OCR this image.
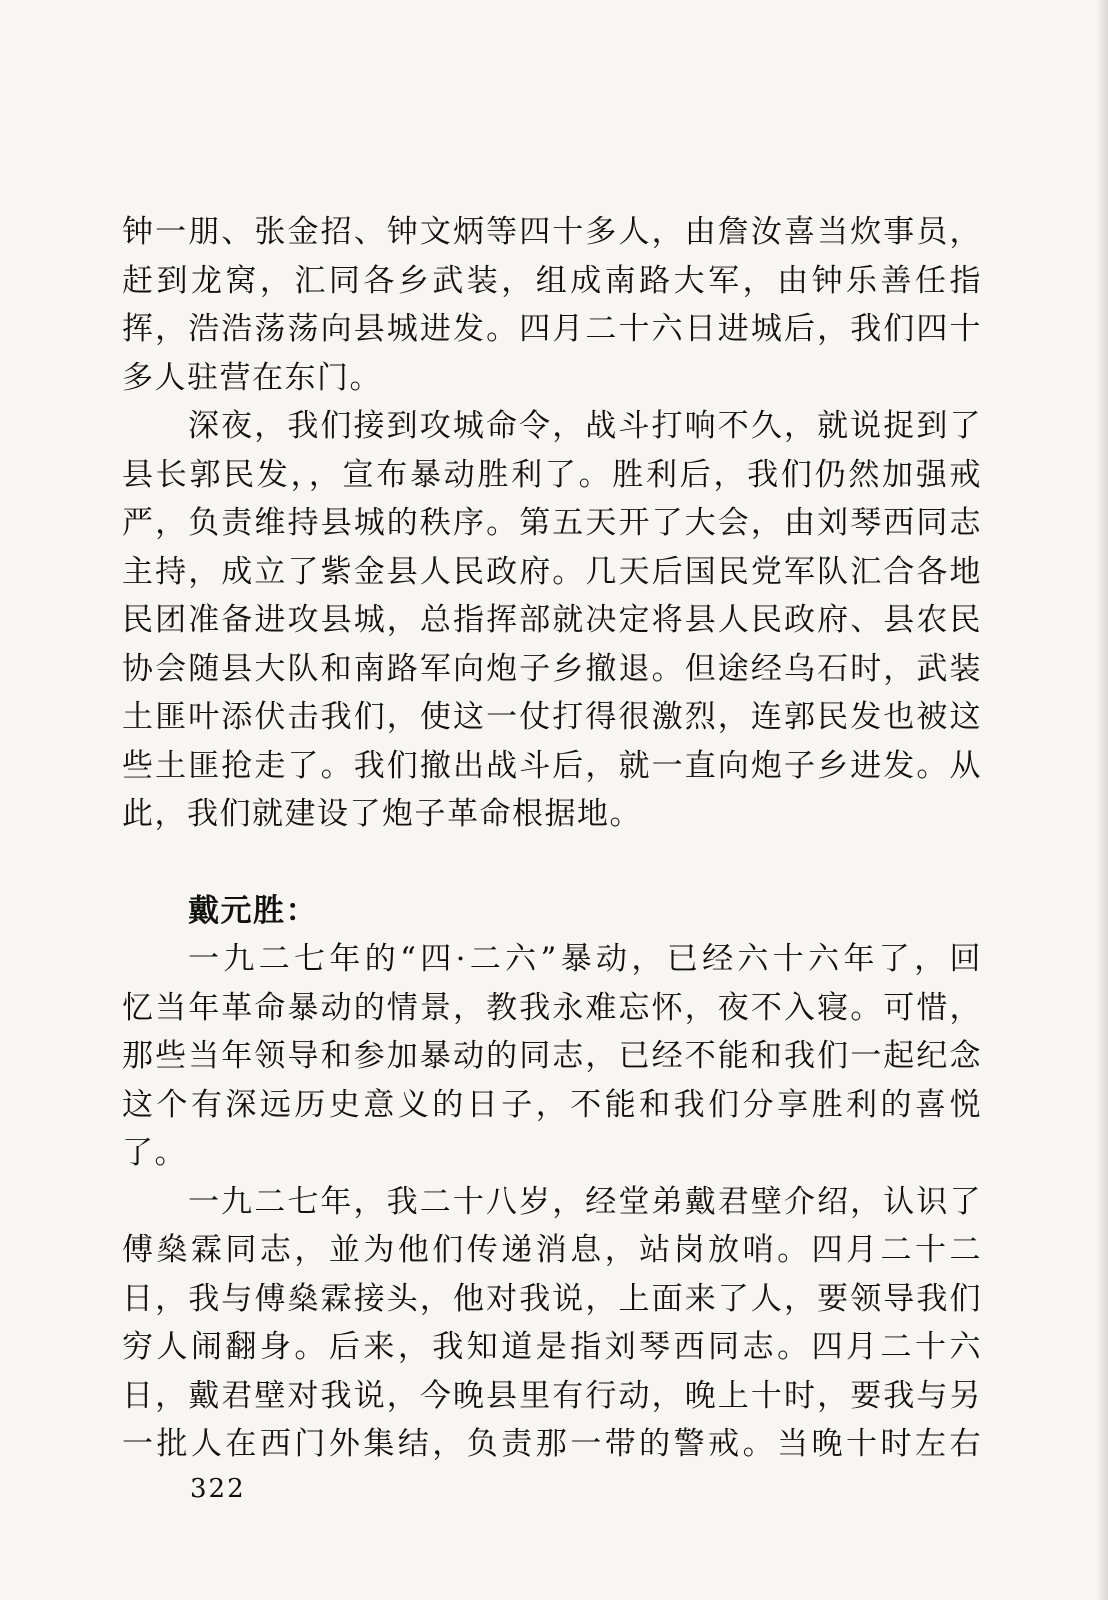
钟一朋、张金招、钟文炳等四十多人，由詹汝喜当炊事员，
赶到龙窝，汇同各乡武装，组成南路大军，由钟乐善任指
挥，浩浩荡荡向县城进发。四月二十六日进城后，我们四十
多人驻营在东门。
深夜，我们接到攻城命令，战斗打响不久，就说捉到了
县长郭民发，，宣布暴动胜利了。胜利后，我们仍然加强戒
严，负责维持县城的秩序。第五天开了大会，由刘琴西同志
主持，成立了紫金县人民政府。几天后国民党军队汇合各地
民团准备进攻县城，总指挥部就决定将县人民政府、县农民
协会随县大队和南路军向炮子乡撤退。但途经乌石时，武装
土匪叶添伏击我们，使这一仗打得很激烈，连郭民发也被这
些土匪抢走了。我们撤出战斗后，就一直向炮子乡进发。从
此，我们就建设了炮子革命根据地。
戴元胜：
一九二七年的“四·二六”暴动，已经六十六年了，回
忆当年革命暴动的情景，教我永难忘怀，夜不入寝。可惜，
那些当年领导和参加暴动的同志，已经不能和我们一起纪念
这个有深远历史意义的日子，不能和我们分享胜利的喜悦
了。
一九二七年，我二十八岁，经堂弟戴君壁介绍，认识了
傅燊霖同志，並为他们传递消息，站岗放哨。四月二十二
日，我与傅燊霖接头，他对我说，上面来了人，要领导我们
穷人闹翻身。后来，我知道是指刘琴西同志。四月二十六
日，戴君壁对我说，今晚县里有行动，晚上十时，要我与另
一批人在西门外集结，负责那一带的警戒。当晚十时左右
322
